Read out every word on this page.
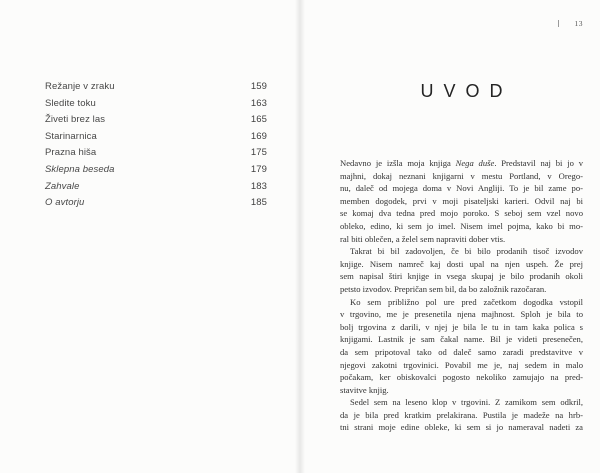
Režanje v zraku	159
Sledite toku	163
Živeti brez las	165
Starinarnica	169
Prazna hiša	175
Sklepna beseda	179
Zahvale	183
O avtorju	185
13
UVOD
Nedavno je izšla moja knjiga Nega duše. Predstavil naj bi jo v
majhni, dokaj neznani knjigarni v mestu Portland, v Orego-
nu, daleč od mojega doma v Novi Angliji. To je bil zame po-
memben dogodek, prvi v moji pisateljski karieri. Odvil naj bi
se komaj dva tedna pred mojo poroko. S seboj sem vzel novo
obleko, edino, ki sem jo imel. Nisem imel pojma, kako bi mo-
ral biti oblečen, a želel sem napraviti dober vtis.
Takrat bi bil zadovoljen, če bi bilo prodanih tisoč izvodov
knjige. Nisem namreč kaj dosti upal na njen uspeh. Že prej
sem napisal štiri knjige in vsega skupaj je bilo prodanih okoli
petsto izvodov. Prepričan sem bil, da bo založnik razočaran.
Ko sem približno pol ure pred začetkom dogodka vstopil
v trgovino, me je presenetila njena majhnost. Sploh je bila to
bolj trgovina z darili, v njej je bila le tu in tam kaka polica s
knjigami. Lastnik je sam čakal name. Bil je videti presenečen,
da sem pripotoval tako od daleč samo zaradi predstavitve v
njegovi zakotni trgovinici. Povabil me je, naj sedem in malo
počakam, ker obiskovalci pogosto nekoliko zamujajo na pred-
stavitve knjig.
Sedel sem na leseno klop v trgovini. Z zamikom sem odkril,
da je bila pred kratkim prelakirana. Pustila je madeže na hrb-
tni strani moje edine obleke, ki sem si jo nameraval nadeti za
